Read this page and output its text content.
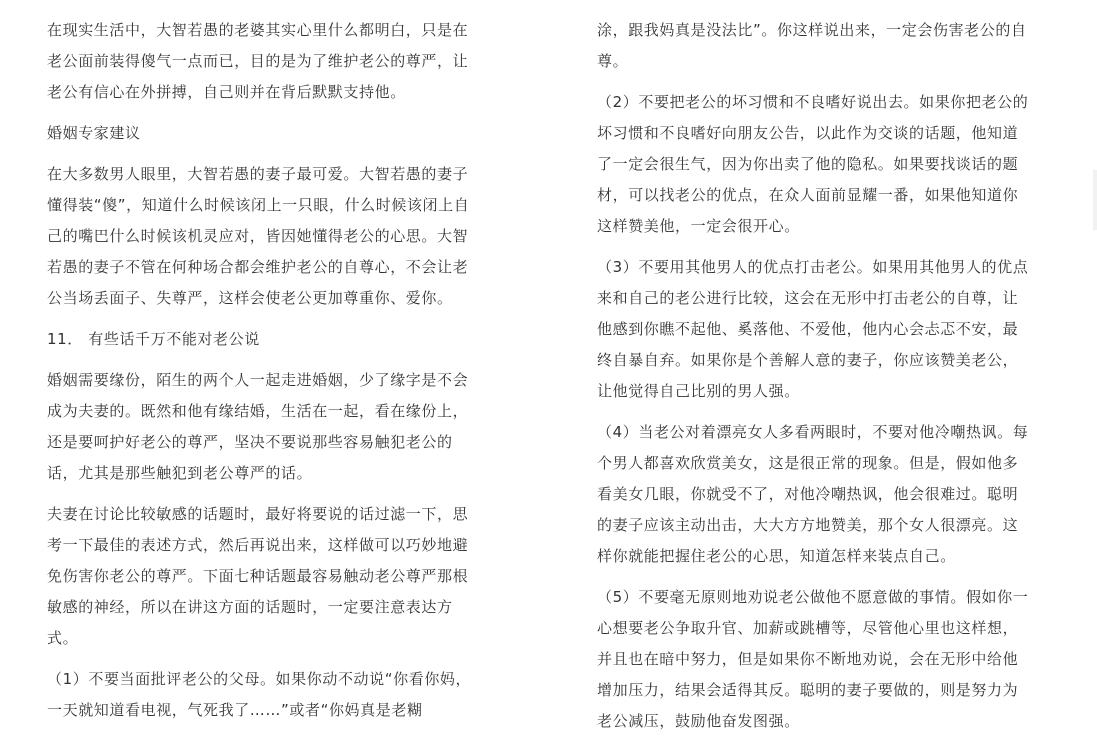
在现实生活中，大智若愚的老婆其实心里什么都明白，只是在老公面前装得傻气一点而已，目的是为了维护老公的尊严，让老公有信心在外拼搏，自己则并在背后默默支持他。

婚姻专家建议

在大多数男人眼里，大智若愚的妻子最可爱。大智若愚的妻子懂得装“傻”，知道什么时候该闭上一只眼，什么时候该闭上自己的嘴巴什么时候该机灵应对，皆因她懂得老公的心思。大智若愚的妻子不管在何种场合都会维护老公的自尊心，不会让老公当场丢面子、失尊严，这样会使老公更加尊重你、爱你。

11． 有些话千万不能对老公说

婚姻需要缘份，陌生的两个人一起走进婚姻，少了缘字是不会成为夫妻的。既然和他有缘结婚，生活在一起，看在缘份上，还是要呵护好老公的尊严，坚决不要说那些容易触犯老公的话，尤其是那些触犯到老公尊严的话。

夫妻在讨论比较敏感的话题时，最好将要说的话过滤一下，思考一下最佳的表述方式，然后再说出来，这样做可以巧妙地避免伤害你老公的尊严。下面七种话题最容易触动老公尊严那根敏感的神经，所以在讲这方面的话题时，一定要注意表达方式。

（1）不要当面批评老公的父母。如果你动不动说“你看你妈，一天就知道看电视，气死我了……”或者“你妈真是老糊

涂，跟我妈真是没法比”。你这样说出来，一定会伤害老公的自尊。

（2）不要把老公的坏习惯和不良嗜好说出去。如果你把老公的坏习惯和不良嗜好向朋友公告，以此作为交谈的话题，他知道了一定会很生气，因为你出卖了他的隐私。如果要找谈话的题材，可以找老公的优点，在众人面前显耀一番，如果他知道你这样赞美他，一定会很开心。

（3）不要用其他男人的优点打击老公。如果用其他男人的优点来和自己的老公进行比较，这会在无形中打击老公的自尊，让他感到你瞧不起他、奚落他、不爱他，他内心会忐忑不安，最终自暴自弃。如果你是个善解人意的妻子，你应该赞美老公，让他觉得自己比别的男人强。

（4）当老公对着漂亮女人多看两眼时，不要对他冷嘲热讽。每个男人都喜欢欣赏美女，这是很正常的现象。但是，假如他多看美女几眼，你就受不了，对他冷嘲热讽，他会很难过。聪明的妻子应该主动出击，大大方方地赞美，那个女人很漂亮。这样你就能把握住老公的心思，知道怎样来装点自己。

（5）不要毫无原则地劝说老公做他不愿意做的事情。假如你一心想要老公争取升官、加薪或跳槽等，尽管他心里也这样想，并且也在暗中努力，但是如果你不断地劝说，会在无形中给他增加压力，结果会适得其反。聪明的妻子要做的，则是努力为老公减压，鼓励他奋发图强。
